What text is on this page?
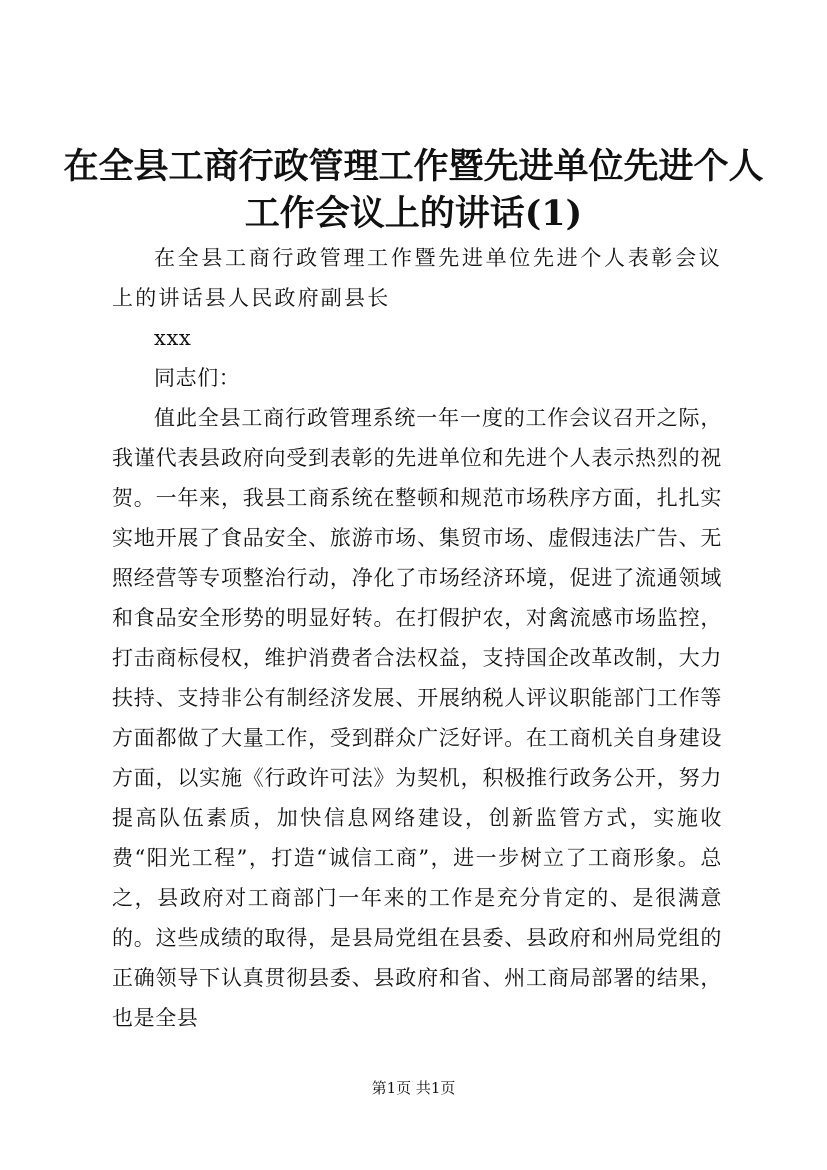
在全县工商行政管理工作暨先进单位先进个人工作会议上的讲话(1)

在全县工商行政管理工作暨先进单位先进个人表彰会议上的讲话县人民政府副县长

xxx

同志们：

值此全县工商行政管理系统一年一度的工作会议召开之际，我谨代表县政府向受到表彰的先进单位和先进个人表示热烈的祝贺。一年来，我县工商系统在整顿和规范市场秩序方面，扎扎实实地开展了食品安全、旅游市场、集贸市场、虚假违法广告、无照经营等专项整治行动，净化了市场经济环境，促进了流通领域和食品安全形势的明显好转。在打假护农，对禽流感市场监控，打击商标侵权，维护消费者合法权益，支持国企改革改制，大力扶持、支持非公有制经济发展、开展纳税人评议职能部门工作等方面都做了大量工作，受到群众广泛好评。在工商机关自身建设方面，以实施《行政许可法》为契机，积极推行政务公开，努力提高队伍素质，加快信息网络建设，创新监管方式，实施收费“阳光工程”，打造“诚信工商”，进一步树立了工商形象。总之，县政府对工商部门一年来的工作是充分肯定的、是很满意的。这些成绩的取得，是县局党组在县委、县政府和州局党组的正确领导下认真贯彻县委、县政府和省、州工商局部署的结果，也是全县

第1页 共1页
